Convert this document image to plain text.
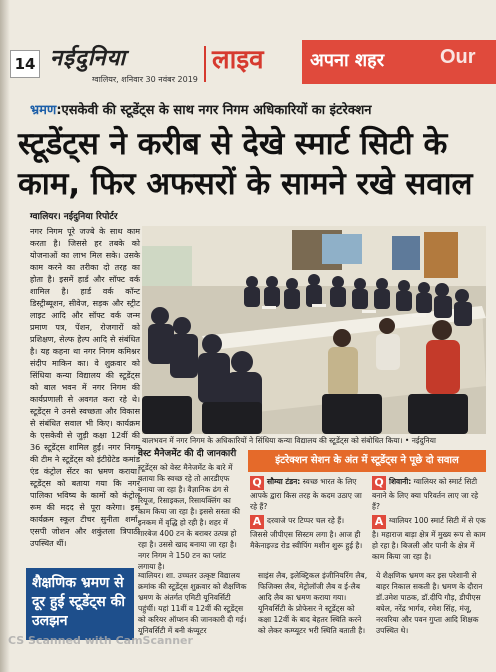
14 नईदुनिया
ग्वालियर, शनिवार 30 नवंबर 2019
लाइव	अपना शहर	Our
भ्रमण:एसकेवी की स्टूडेंट्स के साथ नगर निगम अधिकारियों का इंटरेक्शन
स्टूडेंट्स ने करीब से देखे स्मार्ट सिटी के काम, फिर अफसरों के सामने रखे सवाल
ग्वालियर। नईदुनिया रिपोर्टर
नगर निगम पूरे जज्बे के साथ काम करता है। जिससे हर तबके को योजनाओं का लाभ मिल सके। उसके काम करने का तरीका दो तरह का होता है। इसमें हार्ड और सॉफ्ट वर्क शामिल है। हार्ड वर्क कॉन्ट डिस्ट्रीब्यूशन, सीवेज, सड़क और स्ट्रीट लाइट आदि और सॉफ्ट वर्क जन्म प्रमाण पत्र, पेंशन, रोजगारों को प्रशिक्षण, सेल्फ हेल्प आदि से संबंधित है। यह कहना था नगर निगम कमिश्नर संदीप माकिन का। वे शुक्रवार को सिंधिया कन्या विद्यालय की स्टूडेंट्स को बाल भवन में नगर निगम की कार्यप्रणाली से अवगत करा रहे थे। स्टूडेंट्स ने उनसे स्वच्छता और विकास से संबंधित सवाल भी किए। कार्यक्रम के एसकेवी से जुड़ी कक्षा 12वीं की 36 स्टूडेंट्स शामिल हुईं। नगर निगम की टीम ने स्टूडेंट्स को इंटीग्रेटेड कमांड एंड कंट्रोल सेंटर का भ्रमण कराया। स्टूडेंट्स को बताया गया कि नगर पालिका भविष्य के कामों को कंट्रोल रूम की मदद से पूरा करेगा। इस कार्यक्रम स्कूल टीचर सुनीता शर्मा, एसपी जोशन और शकुंतला त्रिपाठी उपस्थित थीं।
बालभवन में नगर निगम के अधिकारियों ने सिंधिया कन्या विद्यालय की स्टूडेंट्स को संबोधित किया। • नईदुनिया
वेस्ट मैनेजमेंट की दी जानकारी
स्टूडेंट्स को वेस्ट मैनेजमेंट के बारे में बताया कि स्वच्छ रहे तो आरडीएफ बनाया जा रहा है। वैज्ञानिक ढंग से रियूज, रिसाइकल, रिसायक्लिंग का काम किया जा रहा है। इससे सस्ता की इनकम में वृद्धि हो रही है। शहर में गारबेज 400 टन के बराबर उत्पन्न हो रहा है। उससे खाद बनाया जा रहा है। नगर निगम ने 150 टन का प्लांट लगाया है।
इंटरेक्शन सेशन के अंत में स्टूडेंट्स ने पूछे दो सवाल
Q सौम्या टंडन: स्वच्छ भारत के लिए आपके द्वारा किस तरह के कदम उठाए जा रहे हैं?
A दरवाजे पर टिप्पर चल रहे हैं। जिससे जीपीएस सिस्टम लगा है। आज ही मैकेनाइज्ड रोड स्वीपिंग मशीन शुरू हुई है।
Q शिवानी: ग्वालियर को स्मार्ट सिटी बनाने के लिए क्या परिवर्तन लाए जा रहे हैं?
A ग्वालियर 100 स्मार्ट सिटी में से एक है। महाराज बाड़ा क्षेत्र में मुख्य रूप से काम हो रहा है। बिजली और पानी के क्षेत्र में काम किया जा रहा है।
शैक्षणिक भ्रमण से दूर हुई स्टूडेंट्स की उलझन
ग्वालियर। शा. उच्चतर उत्कृष्ट विद्यालय क्रमांक की स्टूडेंट्स शुक्रवार को शैक्षणिक भ्रमण के अंतर्गत एमिटी यूनिवर्सिटी पहुंचीं। यहां 11वीं व 12वीं की स्टूडेंट्स को करियर ऑप्शन की जानकारी दी गई। यूनिवर्सिटी में बनी कंप्यूटर
साइंस लैब, इलेक्ट्रिकल इंजीनियरिंग लैब, फिजिक्स लैब, मेट्रोलॉजी लैब व ई-लैब आदि लैब का भ्रमण कराया गया। यूनिवर्सिटी के प्रोफेसर ने स्टूडेंट्स को कक्षा 12वीं के बाद बेहतर स्थिति करने को लेकर कम्प्यूटर भरी स्थिति बताती है।
ये शैक्षणिक भ्रमण कर इस परेशानी से बाहर निकाल सकती है। भ्रमण के दौरान डॉ.उमेश पाठक, डॉ.दीपि गौड़, डीपीएस बघेल, नरेंद्र भार्गव, रमेश सिंह, मंजू, नरवरिया और पवन गुप्ता आदि शिक्षक उपस्थित थे।
CS Scanned with CamScanner
